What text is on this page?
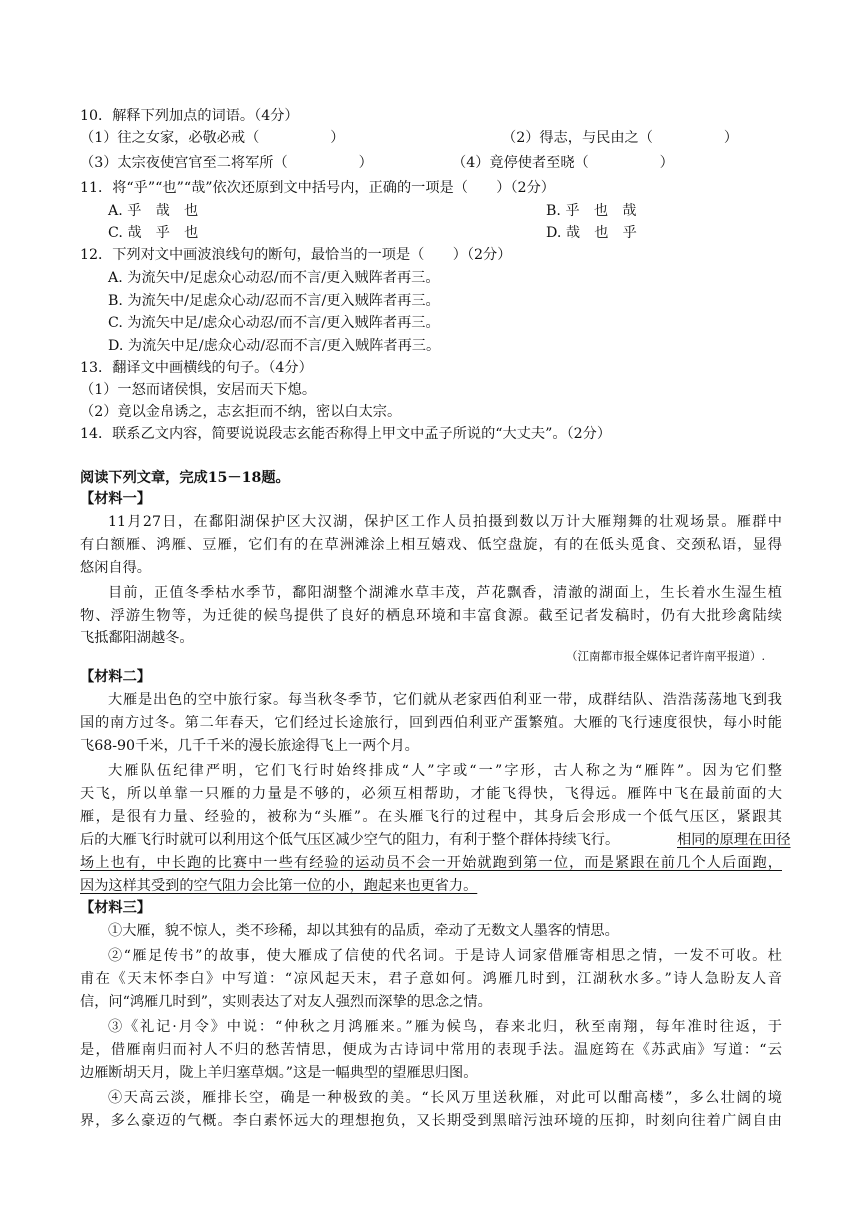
10．解释下列加点的词语。（4分）
（1）往之女家，必敬必戒（　　　　　）	（2）得志，与民由之（　　　　　）
（3）太宗夜使宫官至二将军所（　　　　　）	（4）竟停使者至晓（　　　　　）
11．将“乎”“也”“哉”依次还原到文中括号内，正确的一项是（　　）（2分）
A. 乎　哉　也	B. 乎　也　哉
C. 哉　乎　也	D. 哉　也　乎
12．下列对文中画波浪线句的断句，最恰当的一项是（　　）（2分）
A. 为流矢中/足虑众心动忍/而不言/更入贼阵者再三。
B. 为流矢中/足虑众心动/忍而不言/更入贼阵者再三。
C. 为流矢中足/虑众心动忍/而不言/更入贼阵者再三。
D. 为流矢中足/虑众心动/忍而不言/更入贼阵者再三。
13．翻译文中画横线的句子。（4分）
（1）一怒而诸侯惧，安居而天下熄。
（2）竟以金帛诱之，志玄拒而不纳，密以白太宗。
14．联系乙文内容，简要说说段志玄能否称得上甲文中孟子所说的“大丈夫”。（2分）
阅读下列文章，完成15－18题。
【材料一】
11月27日，在鄱阳湖保护区大汉湖，保护区工作人员拍摄到数以万计大雁翔舞的壮观场景。雁群中
有白额雁、鸿雁、豆雁，它们有的在草洲滩涂上相互嬉戏、低空盘旋，有的在低头觅食、交颈私语，显得
悠闲自得。
目前，正值冬季枯水季节，鄱阳湖整个湖滩水草丰茂，芦花飘香，清澈的湖面上，生长着水生湿生植
物、浮游生物等，为迁徙的候鸟提供了良好的栖息环境和丰富食源。截至记者发稿时，仍有大批珍禽陆续
飞抵鄱阳湖越冬。
（江南都市报全媒体记者许南平报道）.
【材料二】
大雁是出色的空中旅行家。每当秋冬季节，它们就从老家西伯利亚一带，成群结队、浩浩荡荡地飞到我
国的南方过冬。第二年春天，它们经过长途旅行，回到西伯利亚产蛋繁殖。大雁的飞行速度很快，每小时能
飞68-90千米，几千千米的漫长旅途得飞上一两个月。
大雁队伍纪律严明，它们飞行时始终排成“人”字或“一”字形，古人称之为“雁阵”。因为它们整
天飞，所以单靠一只雁的力量是不够的，必须互相帮助，才能飞得快，飞得远。雁阵中飞在最前面的大
雁，是很有力量、经验的，被称为“头雁”。在头雁飞行的过程中，其身后会形成一个低气压区，紧跟其
后的大雁飞行时就可以利用这个低气压区减少空气的阻力，有利于整个群体持续飞行。	相同的原理在田径
场上也有，中长跑的比赛中一些有经验的运动员不会一开始就跑到第一位，而是紧跟在前几个人后面跑，
因为这样其受到的空气阻力会比第一位的小，跑起来也更省力。
【材料三】
①大雁，貌不惊人，类不珍稀，却以其独有的品质，牵动了无数文人墨客的情思。
②“雁足传书”的故事，使大雁成了信使的代名词。于是诗人词家借雁寄相思之情，一发不可收。杜
甫在《天末怀李白》中写道：“凉风起天末，君子意如何。鸿雁几时到，江湖秋水多。”诗人急盼友人音
信，问“鸿雁几时到”，实则表达了对友人强烈而深挚的思念之情。
③《礼记·月令》中说：“仲秋之月鸿雁来。”雁为候鸟，春来北归，秋至南翔，每年准时往返，于
是，借雁南归而衬人不归的愁苦情思，便成为古诗词中常用的表现手法。温庭筠在《苏武庙》写道：“云
边雁断胡天月，陇上羊归塞草烟。”这是一幅典型的望雁思归图。
④天高云淡，雁排长空，确是一种极致的美。“长风万里送秋雁，对此可以酣高楼”，多么壮阔的境
界，多么豪迈的气概。李白素怀远大的理想抱负，又长期受到黑暗污浊环境的压抑，时刻向往着广阔自由
